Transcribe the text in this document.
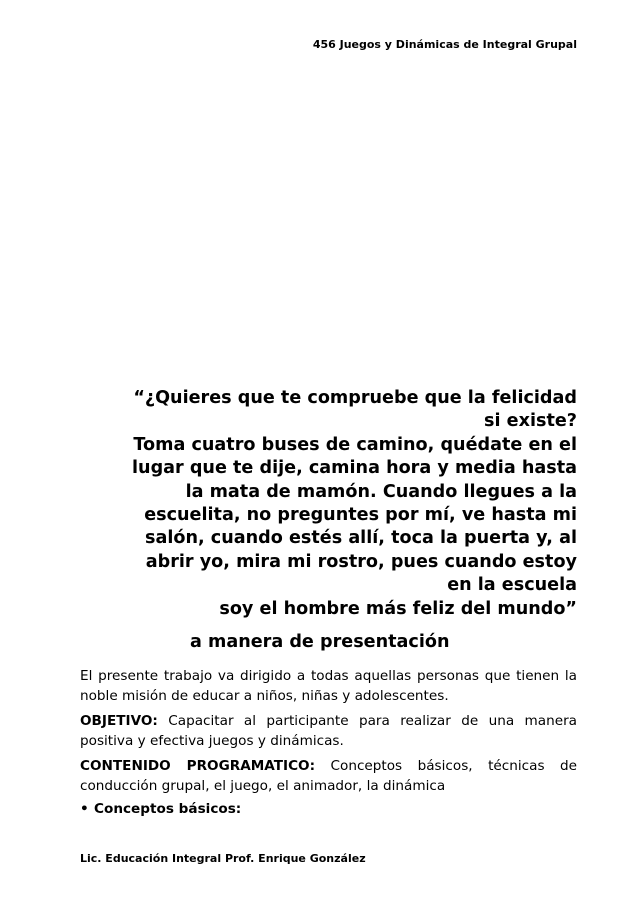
456 Juegos y Dinámicas de Integral Grupal
“¿Quieres que te compruebe que la felicidad
si existe?
Toma cuatro buses de camino, quédate en el
lugar que te dije, camina hora y media hasta
la mata de mamón. Cuando llegues a la
escuelita, no preguntes por mí, ve hasta mi
salón, cuando estés allí, toca la puerta y, al
abrir yo, mira mi rostro, pues cuando estoy
en la escuela
soy el hombre más feliz del mundo”
a manera de presentación
El presente trabajo va dirigido a todas aquellas personas que tienen la
noble misión de educar a niños, niñas y adolescentes.
OBJETIVO: Capacitar al participante para realizar de una manera
positiva y efectiva juegos y dinámicas.
CONTENIDO PROGRAMATICO: Conceptos básicos, técnicas de
conducción grupal, el juego, el animador, la dinámica
• Conceptos básicos:
Lic. Educación Integral Prof. Enrique González
